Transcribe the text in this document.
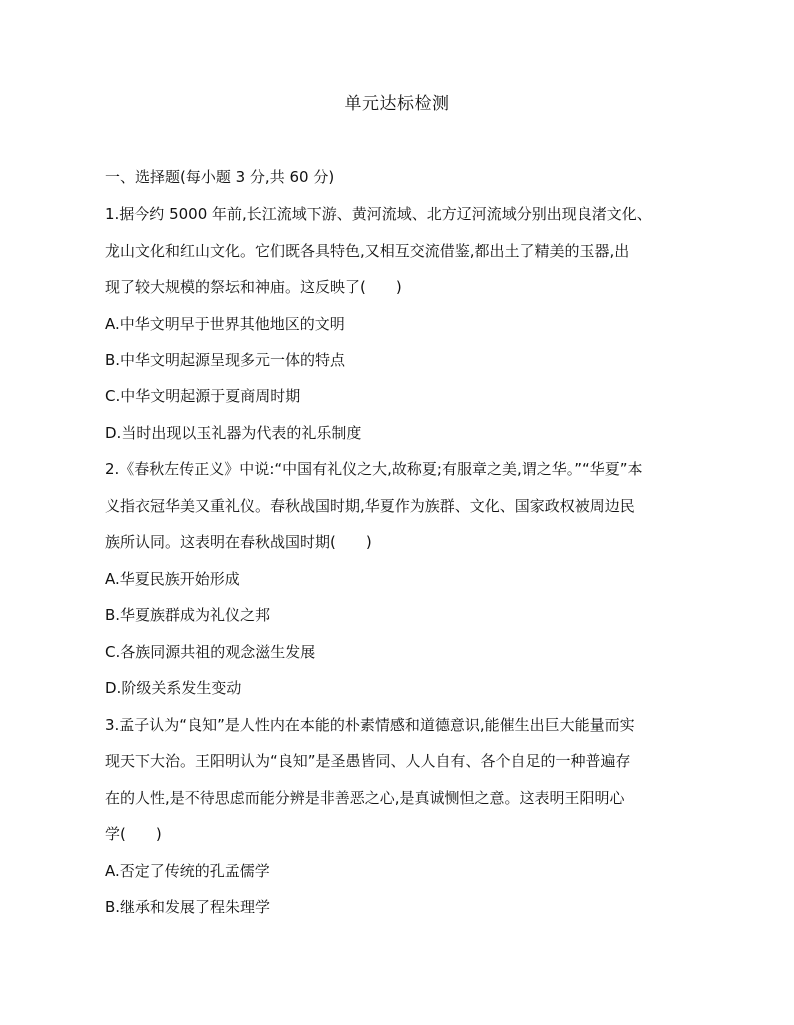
单元达标检测
一、选择题(每小题 3 分,共 60 分)
1.据今约 5000 年前,长江流域下游、黄河流域、北方辽河流域分别出现良渚文化、
龙山文化和红山文化。它们既各具特色,又相互交流借鉴,都出土了精美的玉器,出
现了较大规模的祭坛和神庙。这反映了(　　)
A.中华文明早于世界其他地区的文明
B.中华文明起源呈现多元一体的特点
C.中华文明起源于夏商周时期
D.当时出现以玉礼器为代表的礼乐制度
2.《春秋左传正义》中说:“中国有礼仪之大,故称夏;有服章之美,谓之华。”“华夏”本
义指衣冠华美又重礼仪。春秋战国时期,华夏作为族群、文化、国家政权被周边民
族所认同。这表明在春秋战国时期(　　)
A.华夏民族开始形成
B.华夏族群成为礼仪之邦
C.各族同源共祖的观念滋生发展
D.阶级关系发生变动
3.孟子认为“良知”是人性内在本能的朴素情感和道德意识,能催生出巨大能量而实
现天下大治。王阳明认为“良知”是圣愚皆同、人人自有、各个自足的一种普遍存
在的人性,是不待思虑而能分辨是非善恶之心,是真诚恻怛之意。这表明王阳明心
学(　　)
A.否定了传统的孔孟儒学
B.继承和发展了程朱理学
